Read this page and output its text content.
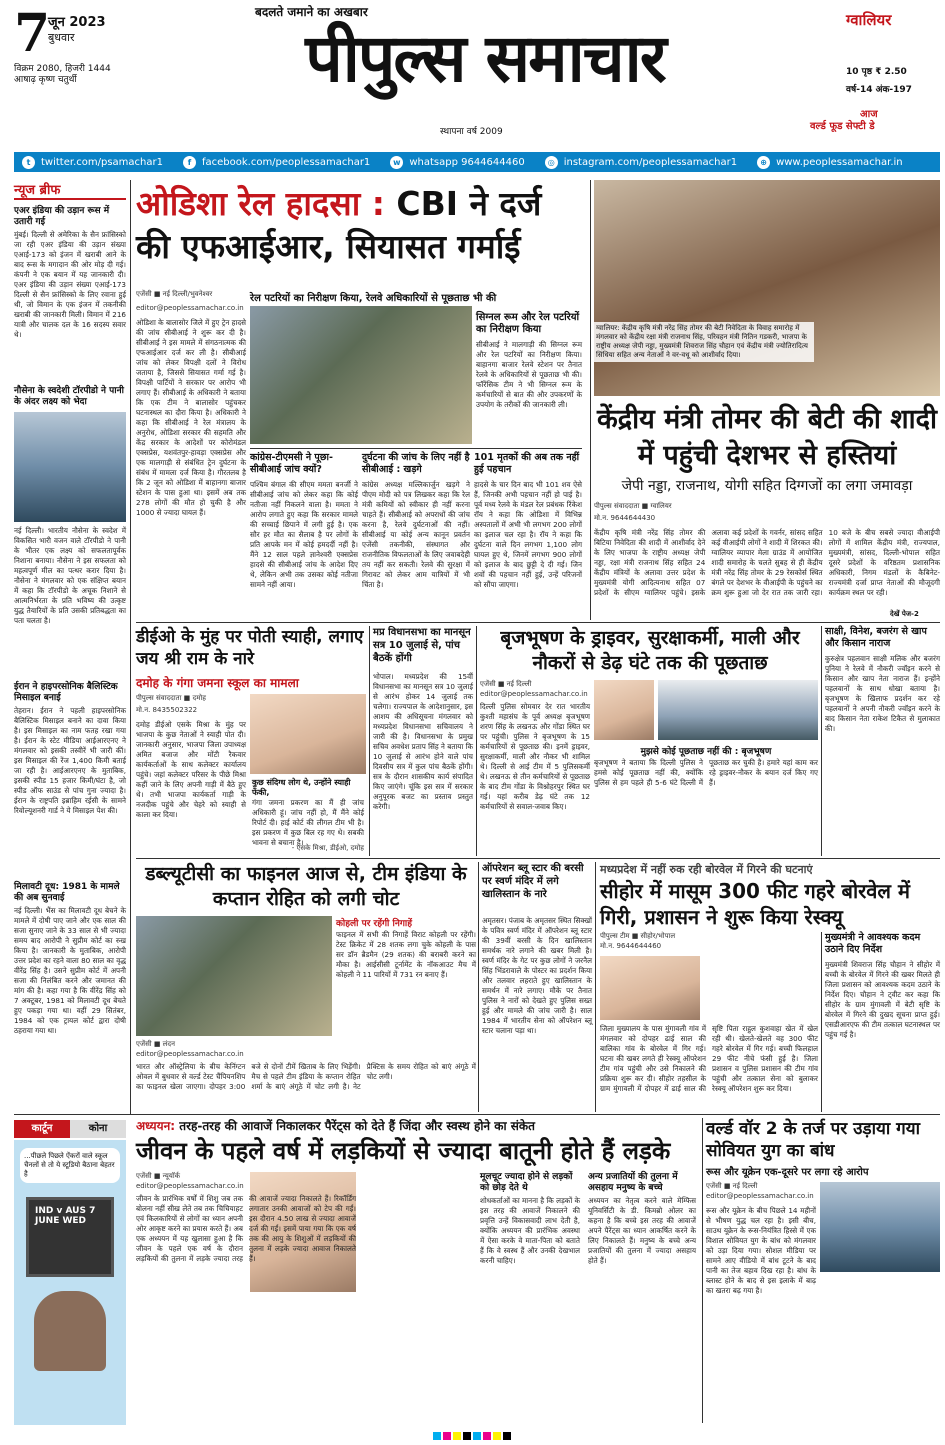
7
जून 2023
बुधवार
विक्रम 2080, हिजरी 1444
आषाढ़ कृष्ण चतुर्थी
बदलते जमाने का अखबार
पीपुल्स समाचार
स्थापना वर्ष 2009
ग्वालियर
10 पृष्ठ ₹ 2.50
वर्ष-14 अंक-197
आज
वर्ल्ड फूड सेफ्टी डे
t	twitter.com/psamachar1	f	facebook.com/peoplessamachar1	w whatsapp 9644644460	◎ instagram.com/peoplessamachar1	⊕ www.peoplessamachar.in
न्यूज ब्रीफ
एअर इंडिया की उड़ान रूस में उतारी गई
मुंबई। दिल्ली से अमेरिका के सैन फ्रांसिस्को जा रही एअर इंडिया की उड़ान संख्या एआई-173 को इंजन में खराबी आने के बाद रूस के मगादान की ओर मोड़ दी गई। कंपनी ने एक बयान में यह जानकारी दी। एअर इंडिया की उड़ान संख्या एआई-173 दिल्ली से सैन फ्रांसिस्को के लिए रवाना हुई थी, जो विमान के एक इंजन में तकनीकी खराबी की जानकारी मिली। विमान में 216 यात्री और चालक दल के 16 सदस्य सवार थे।
नौसेना के स्वदेशी टॉरपीडो ने पानी के अंदर लक्ष्य को भेदा
नई दिल्ली। भारतीय नौसेना के स्वदेश में विकसित भारी वजन वाले टॉरपीडो ने पानी के भीतर एक लक्ष्य को सफलतापूर्वक निशाना बनाया। नौसेना ने इस सफलता को महत्वपूर्ण मील का पत्थर करार दिया है। नौसेना ने मंगलवार को एक संक्षिप्त बयान में कहा कि टॉरपीडो के अचूक निशाने से आत्मनिर्भरता के प्रति भविष्य की उत्कृष्ट युद्ध तैयारियों के प्रति उसकी प्रतिबद्धता का पता चलता है।
ईरान ने हाइपरसोनिक बैलिस्टिक मिसाइल बनाई
तेहरान। ईरान ने पहली हाइपरसोनिक बैलिस्टिक मिसाइल बनाने का दावा किया है। इस मिसाइल का नाम फतह रखा गया है। ईरान के स्टेट मीडिया आईआरएनए ने मंगलवार को इसकी तस्वीरें भी जारी कीं। इस मिसाइल की रेंज 1,400 किमी बताई जा रही है। आईआरएनए के मुताबिक, इसकी स्पीड 15 हजार किमी/घंटा है, जो स्पीड ऑफ साउंड से पांच गुना ज्यादा है। ईरान के राष्ट्रपति इब्राहिम रईसी के सामने रिवोल्यूशनरी गार्ड ने ये मिसाइल पेश की।
मिलावटी दूध: 1981 के मामले की अब सुनवाई
नई दिल्ली। भैंस का मिलावटी दूध बेचने के मामले में दोषी पाए जाने और एक साल की सजा सुनाए जाने के 33 साल से भी ज्यादा समय बाद आरोपी ने सुप्रीम कोर्ट का रुख किया है। जानकारी के मुताबिक, आरोपी उत्तर प्रदेश का रहने वाला 80 साल का वृद्ध वीरेंद्र सिंह है। उसने सुप्रीम कोर्ट में अपनी सजा की निलंबित करने और जमानत की मांग की है। कहा गया है कि वीरेंद्र सिंह को 7 अक्टूबर, 1981 को मिलावटी दूध बेचते हुए पकड़ा गया था। वहीं 29 सितंबर, 1984 को एक ट्रायल कोर्ट द्वारा दोषी ठहराया गया था।
ओडिशा रेल हादसा : CBI ने दर्ज की एफआईआर, सियासत गर्माई
एजेंसी ■ नई दिल्ली/भुवनेश्वर
editor@peoplessamachar.co.in
ओडिशा के बालासोर जिले में हुए ट्रेन हादसे की जांच सीबीआई ने शुरू कर दी है। सीबीआई ने इस मामले में संगठनात्मक की एफआईआर दर्ज कर ली है। सीबीआई जांच को लेकर विपक्षी दलों ने विरोध जताया है, जिससे सियासत गर्मा गई है। विपक्षी पार्टियों ने सरकार पर आरोप भी लगाए हैं। सीबीआई के अधिकारी ने बताया कि एक टीम ने बालासोर पहुंचकर घटनास्थल का दौरा किया है। अधिकारी ने कहा कि सीबीआई ने रेल मंत्रालय के अनुरोध, ओडिशा सरकार की सहमति और केंद्र सरकार के आदेशों पर कोरोमंडल एक्सप्रेस, यशवंतपुर-हावड़ा एक्सप्रेस और एक मालगाड़ी से संबंधित ट्रेन दुर्घटना के संबंध में मामला दर्ज किया है। गौरतलब है कि 2 जून को ओडिशा में बाहानगा बाजार स्टेशन के पास हुआ था। इसमें अब तक 278 लोगों की मौत हो चुकी है और 1000 से ज्यादा घायल हैं।
रेल पटरियों का निरीक्षण किया, रेलवे अधिकारियों से पूछताछ भी की
सिग्नल रूम और रेल पटरियों का निरीक्षण किया
सीबीआई ने मालगाड़ी की सिग्नल रूम और रेल पटरियों का निरीक्षण किया। बाहानगा बाजार रेलवे स्टेशन पर तैनात रेलवे के अधिकारियों से पूछताछ भी की। फॉरेंसिक टीम ने भी सिग्नल रूम के कर्मचारियों से बात की और उपकरणों के उपयोग के तरीकों की जानकारी ली।
कांग्रेस-टीएमसी ने पूछा- सीबीआई जांच क्यों?
पश्चिम बंगाल की सीएम ममता बनर्जी ने सीबीआई जांच को लेकर कहा कि कोई नतीजा नहीं निकलने वाला है। ममता ने आरोप लगाते हुए कहा कि सरकार मामले की सच्चाई छिपाने में लगी हुई है। एक सौर हर मौत का सैलाब है पर लोगों के प्रति आपके मन में कोई हमदर्दी नहीं है। मैंने 12 साल पहले ज्ञानेश्वरी एक्सप्रेस हादसे की सीबीआई जांच के आदेश दिए थे, लेकिन अभी तक उसका कोई नतीजा सामने नहीं आया।
दुर्घटना की जांच के लिए नहीं है सीबीआई : खड़गे
कांग्रेस अध्यक्ष मल्लिकार्जुन खड़गे ने पीएम मोदी को पत्र लिखकर कहा कि रेल मंत्री कमियों को स्वीकार ही नहीं करना चाहते हैं। सीबीआई को अपराधों की जांच करना है, रेलवे दुर्घटनाओं की नहीं। सीबीआई या कोई अन्य कानून प्रवर्तन एजेंसी तकनीकी, संस्थागत और राजनीतिक विफलताओं के लिए जवाबदेही तय नहीं कर सकती। रेलवे की सुरक्षा में गिरावट को लेकर आम यात्रियों में भी चिंता है।
101 मृतकों की अब तक नहीं हुई पहचान
हादसे के चार दिन बाद भी 101 शव ऐसे हैं, जिनकी अभी पहचान नहीं हो पाई है। पूर्व मध्य रेलवे के मंडल रेल प्रबंधक रिंकेश रॉय ने कहा कि ओडिशा में विभिन्न अस्पतालों में अभी भी लगभग 200 लोगों का इलाज चल रहा है। रॉय ने कहा कि दुर्घटना वाले दिन लगभग 1,100 लोग घायल हुए थे, जिनमें लगभग 900 लोगों को इलाज के बाद छुट्टी दे दी गई। जिन शवों की पहचान नहीं हुई, उन्हें परिजनों को सौंपा जाएगा।
ग्वालियर: केंद्रीय कृषि मंत्री नरेंद्र सिंह तोमर की बेटी निवेदिता के विवाह समारोह में मंगलवार को केंद्रीय रक्षा मंत्री राजनाथ सिंह, परिवहन मंत्री नितिन गडकरी, भाजपा के राष्ट्रीय अध्यक्ष जेपी नड्डा, मुख्यमंत्री शिवराज सिंह चौहान एवं केंद्रीय मंत्री ज्योतिरादित्य सिंधिया सहित अन्य नेताओं ने वर-वधू को आशीर्वाद दिया।
केंद्रीय मंत्री तोमर की बेटी की शादी में पहुंची देशभर से हस्तियां
जेपी नड्डा, राजनाथ, योगी सहित दिग्गजों का लगा जमावड़ा
पीपुल्स संवाददाता ■ ग्वालियर
मो.न. 9644644430
केंद्रीय कृषि मंत्री नरेंद्र सिंह तोमर की बिटिया निवेदिता की शादी में आशीर्वाद देने के लिए भाजपा के राष्ट्रीय अध्यक्ष जेपी नड्डा, रक्षा मंत्री राजनाथ सिंह सहित 24 केंद्रीय मंत्रियों के अलावा उत्तर प्रदेश के मुख्यमंत्री योगी आदित्यनाथ सहित 07 प्रदेशों के सीएम ग्वालियर पहुंचे। इसके अलावा कई प्रदेशों के गवर्नर, सांसद सहित कई वीआईपी लोगों ने शादी में शिरकत की। ग्वालियर व्यापार मेला ग्राउंड में आयोजित शादी समारोह के चलते सुबह से ही केंद्रीय मंत्री नरेंद्र सिंह तोमर के 29 रेसकोर्स स्थित बंगले पर देशभर के वीआईपी के पहुंचने का क्रम शुरू हुआ जो देर रात तक जारी रहा। 10 बजे के बीच सबसे ज्यादा वीआईपी लोगों में शामिल केंद्रीय मंत्री, राज्यपाल, मुख्यमंत्री, सांसद, दिल्ली-भोपाल सहित दूसरे प्रदेशों के वरिष्ठतम प्रशासनिक अधिकारी, निगम मंडलों के कैबिनेट-राज्यमंत्री दर्जा प्राप्त नेताओं की मौजूदगी कार्यक्रम स्थल पर रही।
देखें पेज-2
डीईओ के मुंह पर पोती स्याही, लगाए जय श्री राम के नारे
दमोह के गंगा जमना स्कूल का मामला
पीपुल्स संवाददाता ■ दमोह
मो.न. 8435502322
दमोह डीईओ एसके मिश्रा के मुंह पर भाजपा के कुछ नेताओं ने स्याही पोत दी। जानकारी अनुसार, भाजपा जिला उपाध्यक्ष अमित बजाज और मोंटी रैकवार कार्यकर्ताओं के साथ कलेक्टर कार्यालय पहुंचे। जहां कलेक्टर परिसर के पीछे मिश्रा कहीं जाने के लिए अपनी गाड़ी में बैठे हुए थे। तभी भाजपा कार्यकर्ता गाड़ी के नजदीक पहुंचे और चेहरे को स्याही से काला कर दिया।
कुछ संदिग्ध लोग थे, उन्होंने स्याही फेंकी,
गंगा जमना प्रकरण का मैं ही जांच अधिकारी हूं। जांच नहीं हो, मैं मैंने कोई रिपोर्ट दी। हाई कोर्ट की लीगल टीम भी है। इस प्रकरण में कुछ बिल रह गए थे। सबकी भावना से बचाना है।
- एसके मिश्रा, डीईओ, दमोह
मप्र विधानसभा का मानसून सत्र 10 जुलाई से, पांच बैठकें होंगी
भोपाल। मध्यप्रदेश की 15वीं विधानसभा का मानसून सत्र 10 जुलाई से आरंभ होकर 14 जुलाई तक चलेगा। राज्यपाल के आदेशानुसार, इस आशय की अधिसूचना मंगलवार को मध्यप्रदेश विधानसभा सचिवालय ने जारी की है। विधानसभा के प्रमुख सचिव अवधेश प्रताप सिंह ने बताया कि 10 जुलाई से आरंभ होने वाले पांच दिवसीय सत्र में कुल पांच बैठकें होंगी। सत्र के दौरान शासकीय कार्य संपादित किए जाएंगे। चूंकि इस सत्र में सरकार अनुपूरक बजट का प्रस्ताव प्रस्तुत करेगी।
बृजभूषण के ड्राइवर, सुरक्षाकर्मी, माली और नौकरों से डेढ़ घंटे तक की पूछताछ
एजेंसी ■ नई दिल्ली
editor@peoplessamachar.co.in
दिल्ली पुलिस सोमवार देर रात भारतीय कुश्ती महासंघ के पूर्व अध्यक्ष बृजभूषण शरण सिंह के लखनऊ और गोंडा स्थित घर पर पहुंची। पुलिस ने बृजभूषण के 15 कर्मचारियों से पूछताछ की। इनमें ड्राइवर, सुरक्षाकर्मी, माली और नौकर भी शामिल थे। दिल्ली से आई टीम में 5 पुलिसकर्मी थे। लखनऊ से तीन कर्मचारियों से पूछताछ के बाद टीम गोंडा के विश्नोहरपुर स्थित घर गई। यहां करीब डेढ़ घंटे तक 12 कर्मचारियों से सवाल-जवाब किए।
मुझसे कोई पूछताछ नहीं की : बृजभूषण
बृजभूषण ने बताया कि दिल्ली पुलिस ने हमसे कोई पूछताछ नहीं की, क्योंकि पुलिस से हम पहले ही 5-6 घंटे दिल्ली में पूछताछ कर चुकी है। हमारे यहां काम कर रहे ड्राइवर-नौकर के बयान दर्ज किए गए हैं।
साक्षी, विनेश, बजरंग से खाप और किसान नाराज
कुरुक्षेत्र पहलवान साक्षी मलिक और बजरंग पुनिया ने रेलवे में नौकरी ज्वॉइन करने से किसान और खाप नेता नाराज हैं। इन्होंने पहलवानों के साथ धोखा बताया है। बृजभूषण के खिलाफ प्रदर्शन कर रहे पहलवानों ने अपनी नौकरी ज्वॉइन करने के बाद किसान नेता राकेश टिकैत से मुलाकात की।
डब्ल्यूटीसी का फाइनल आज से, टीम इंडिया के कप्तान रोहित को लगी चोट
कोहली पर रहेंगी निगाहें
फाइनल में सभी की निगाहें विराट कोहली पर रहेंगी। टेस्ट क्रिकेट में 28 शतक लगा चुके कोहली के पास सर डॉन ब्रैडमैन (29 शतक) की बराबरी करने का मौका है। आईसीसी टूर्नामेंट के नॉकआउट मैच में कोहली ने 11 पारियों में 731 रन बनाए हैं।
एजेंसी ■ लंदन
editor@peoplessamachar.co.in
भारत और ऑस्ट्रेलिया के बीच केनिंग्टन ओवल में बुधवार से वर्ल्ड टेस्ट चैंपियनशिप का फाइनल खेला जाएगा। दोपहर 3:00 बजे से दोनों टीमें खिताब के लिए भिड़ेंगी। मैच से पहले टीम इंडिया के कप्तान रोहित शर्मा के बाएं अंगूठे में चोट लगी है। नेट प्रैक्टिस के समय रोहित को बाएं अंगूठे में चोट लगी।
ऑपरेशन ब्लू स्टार की बरसी पर स्वर्ण मंदिर में लगे खालिस्तान के नारे
अमृतसर। पंजाब के अमृतसर स्थित सिक्खों के पवित्र स्वर्ण मंदिर में ऑपरेशन ब्लू स्टार की 39वीं बरसी के दिन खालिस्तान समर्थक नारे लगाने की खबर मिली है। स्वर्ण मंदिर के गेट पर कुछ लोगों ने जरनैल सिंह भिंडरावाले के पोस्टर का प्रदर्शन किया और तलवार लहराते हुए खालिस्तान के समर्थन में नारे लगाए। मौके पर तैनात पुलिस ने नारों को देखते हुए पुलिस सख्त हुई और मामले की जांच जारी है। साल 1984 में भारतीय सेना को ऑपरेशन ब्लू स्टार चलाना पड़ा था।
मध्यप्रदेश में नहीं रुक रही बोरवेल में गिरने की घटनाएं
सीहोर में मासूम 300 फीट गहरे बोरवेल में गिरी, प्रशासन ने शुरू किया रेस्क्यू
पीपुल्स टीम ■ सीहोर/भोपाल
मो.न. 9644644460
जिला मुख्यालय के पास मुंगावली गांव में मंगलवार को दोपहर ढाई साल की बालिका गांव के बोरवेल में गिर गई। घटना की खबर लगते ही रेस्क्यू ऑपरेशन टीम गांव पहुंची और उसे निकालने की प्रक्रिया शुरू कर दी। सीहोर तहसील के ग्राम मुंगावली में दोपहर में ढाई साल की सृष्टि पिता राहुल कुशवाहा खेत में खेल रही थी। खेलते-खेलते वह 300 फीट गहरे बोरवेल में गिर गई। बच्ची फिलहाल 29 फीट नीचे फंसी हुई है। जिला प्रशासन व पुलिस प्रशासन की टीम गांव पहुंची और तत्काल सेना को बुलाकर रेस्क्यू ऑपरेशन शुरू कर दिया।
मुख्यमंत्री ने आवश्यक कदम उठाने दिए निर्देश
मुख्यमंत्री शिवराज सिंह चौहान ने सीहोर में बच्ची के बोरवेल में गिरने की खबर मिलते ही जिला प्रशासन को आवश्यक कदम उठाने के निर्देश दिए। चौहान ने ट्वीट कर कहा कि सीहोर के ग्राम मुंगावली में बेटी सृष्टि के बोरवेल में गिरने की दुखद सूचना प्राप्त हुई। एसडीआरएफ की टीम तत्काल घटनास्थल पर पहुंच गई है।
कार्टून	कोना
...पीछले पिछले ऐंकरों वाले स्कूल चैनलों से तो ये स्टूडियो बैठाना बेहतर है
IND v AUS 7 JUNE WED
अध्ययन: तरह-तरह की आवाजें निकालकर पैरेंट्स को देते हैं जिंदा और स्वस्थ होने का संकेत
जीवन के पहले वर्ष में लड़कियों से ज्यादा बातूनी होते हैं लड़के
एजेंसी ■ न्यूयॉर्क
editor@peoplessamachar.co.in
जीवन के प्रारंभिक वर्षों में शिशु जब तक बोलना नहीं सीख लेते तब तक चिचियाहट एवं किलकारियों से लोगों का ध्यान अपनी ओर आकृष्ट करने का प्रयास करते हैं। अब एक अध्ययन में यह खुलासा हुआ है कि जीवन के पहले एक वर्ष के दौरान लड़कियों की तुलना में लड़के ज्यादा तरह की आवाजें ज्यादा निकालते हैं। रिकॉर्डिंग लगातार उनकी आवाजों को टेप की गईं। इस दौरान 4.50 लाख से ज्यादा आवाजें दर्ज की गईं। इसमें पाया गया कि एक वर्ष तक की आयु के शिशुओं में लड़कियों की तुलना में लड़के ज्यादा आवाज निकालते हैं।
मूलचूट ज्यादा होने से लड़कों को छोड़ देते थे
शोधकर्ताओं का मानना है कि लड़कों के इस तरह की आवाजें निकालने की प्रवृत्ति उन्हें विकासवादी लाभ देती है, क्योंकि अध्ययन की प्रारंभिक अवस्था में ऐसा करके वे माता-पिता को बताते हैं कि वे स्वस्थ हैं और उनकी देखभाल करनी चाहिए।
अन्य प्रजातियों की तुलना में असहाय मनुष्य के बच्चे
अध्ययन का नेतृत्व करने वाले मेम्फिस यूनिवर्सिटी के डी. किमब्रो ओलर का कहना है कि बच्चे इस तरह की आवाजें अपने पैरेंट्स का ध्यान आकर्षित करने के लिए निकालते हैं। मनुष्य के बच्चे अन्य प्रजातियों की तुलना में ज्यादा असहाय होते हैं।
वर्ल्ड वॉर 2 के तर्ज पर उड़ाया गया सोवियत युग का बांध
रूस और यूक्रेन एक-दूसरे पर लगा रहे आरोप
एजेंसी ■ नई दिल्ली
editor@peoplessamachar.co.in
रूस और यूक्रेन के बीच पिछले 14 महीनों से भीषण युद्ध चल रहा है। इसी बीच, साउथ यूक्रेन के रूस-नियंत्रित हिस्से में एक विशाल सोवियत युग के बांध को मंगलवार को उड़ा दिया गया। सोशल मीडिया पर सामने आए वीडियो में बांध टूटने के बाद पानी का तेज बहाव दिख रहा है। बांध के ब्लास्ट होने के बाद से इस इलाके में बाढ़ का खतरा बढ़ गया है।
